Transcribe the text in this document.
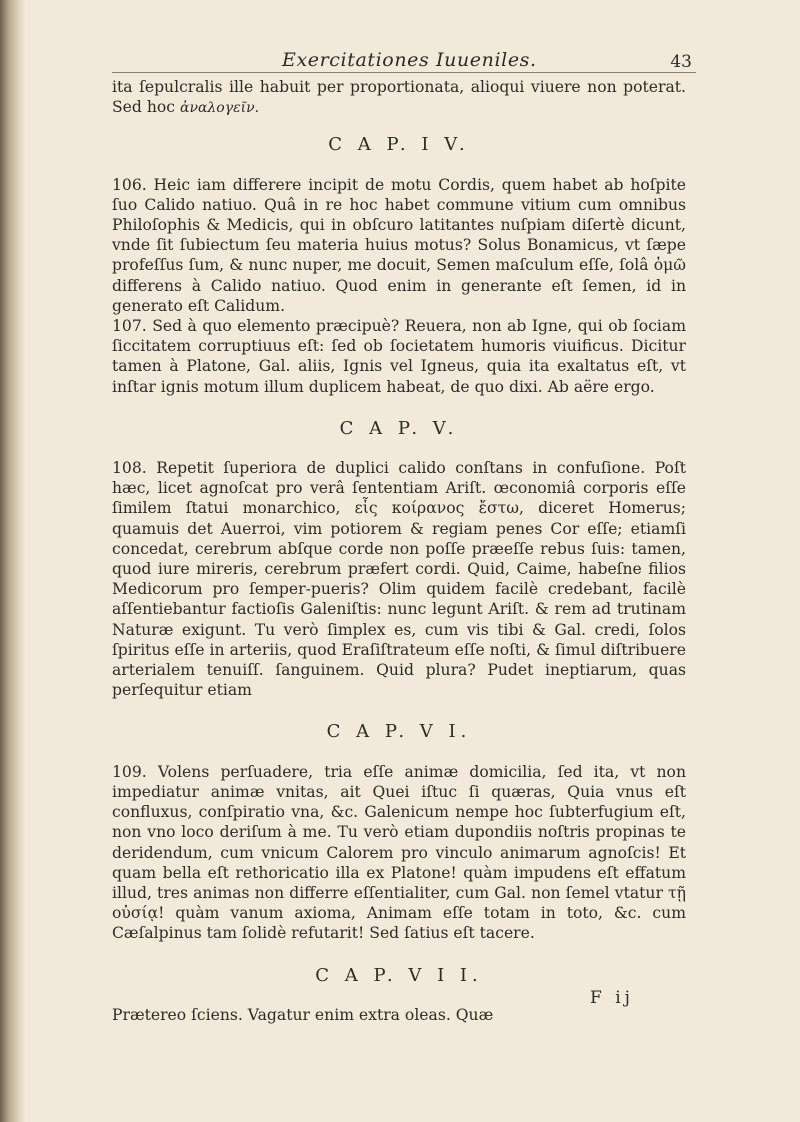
Exercitationes Iuueniles.	43

ita ſepulcralis ille habuit per proportionata, alioqui viuere non poterat. Sed hoc ἀναλογεῖν.

C A P. I V.

106. Heic iam differere incipit de motu Cordis, quem habet ab hoſpite ſuo Calido natiuo. Quâ in re hoc habet commune vitium cum omnibus Philoſophis & Medicis, qui in obſcuro latitantes nuſpiam diſertè dicunt, vnde ſit ſubiectum ſeu materia huius motus? Solus Bonamicus, vt ſæpe profeſſus ſum, & nunc nuper, me docuit, Semen maſculum eſſe, ſolâ ὁμῶ differens à Calido natiuo. Quod enim in generante eſt ſemen, id in generato eſt Calidum.

107. Sed à quo elemento præcipuè? Reuera, non ab Igne, qui ob ſociam ſiccitatem corruptiuus eſt: ſed ob ſocietatem humoris viuificus. Dicitur tamen à Platone, Gal. aliis, Ignis vel Igneus, quia ita exaltatus eſt, vt inſtar ignis motum illum duplicem habeat, de quo dixi. Ab aëre ergo.

C A P. V.

108. Repetit ſuperiora de duplici calido conſtans in confuſione. Poſt hæc, licet agnoſcat pro verâ ſententiam Ariſt. œconomiâ corporis eſſe ſimilem ſtatui monarchico, εἷς κοίρανος ἔστω, diceret Homerus; quamuis det Auerroi, vim potiorem & regiam penes Cor eſſe; etiamſi concedat, cerebrum abſque corde non poſſe præeſſe rebus ſuis: tamen, quod iure mireris, cerebrum præfert cordi. Quid, Caime, habeſne filios Medicorum pro ſemper-pueris? Olim quidem facilè credebant, facilè aſſentiebantur factioſis Galeniſtis: nunc legunt Ariſt. & rem ad trutinam Naturæ exigunt. Tu verò ſimplex es, cum vis tibi & Gal. credi, ſolos ſpiritus eſſe in arteriis, quod Eraſiſtrateum eſſe noſti, & ſimul diſtribuere arterialem tenuiſſ. ſanguinem. Quid plura? Pudet ineptiarum, quas perſequitur etiam

C A P. V I.

109. Volens perſuadere, tria eſſe animæ domicilia, ſed ita, vt non impediatur animæ vnitas, ait Quei iſtuc ſi quæras, Quia vnus eſt confluxus, conſpiratio vna, &c. Galenicum nempe hoc ſubterfugium eſt, non vno loco deriſum à me. Tu verò etiam dupondiis noſtris propinas te deridendum, cum vnicum Calorem pro vinculo animarum agnoſcis! Et quam bella eſt rethoricatio illa ex Platone! quàm impudens eſt effatum illud, tres animas non differre eſſentialiter, cum Gal. non ſemel vtatur τῇ οὐσίᾳ! quàm vanum axioma, Animam eſſe totam in toto, &c. cum Cæſalpinus tam ſolidè refutarit! Sed ſatius eſt tacere.

C A P. V I I.

Prætereo ſciens. Vagatur enim extra oleas. Quæ

F ij
